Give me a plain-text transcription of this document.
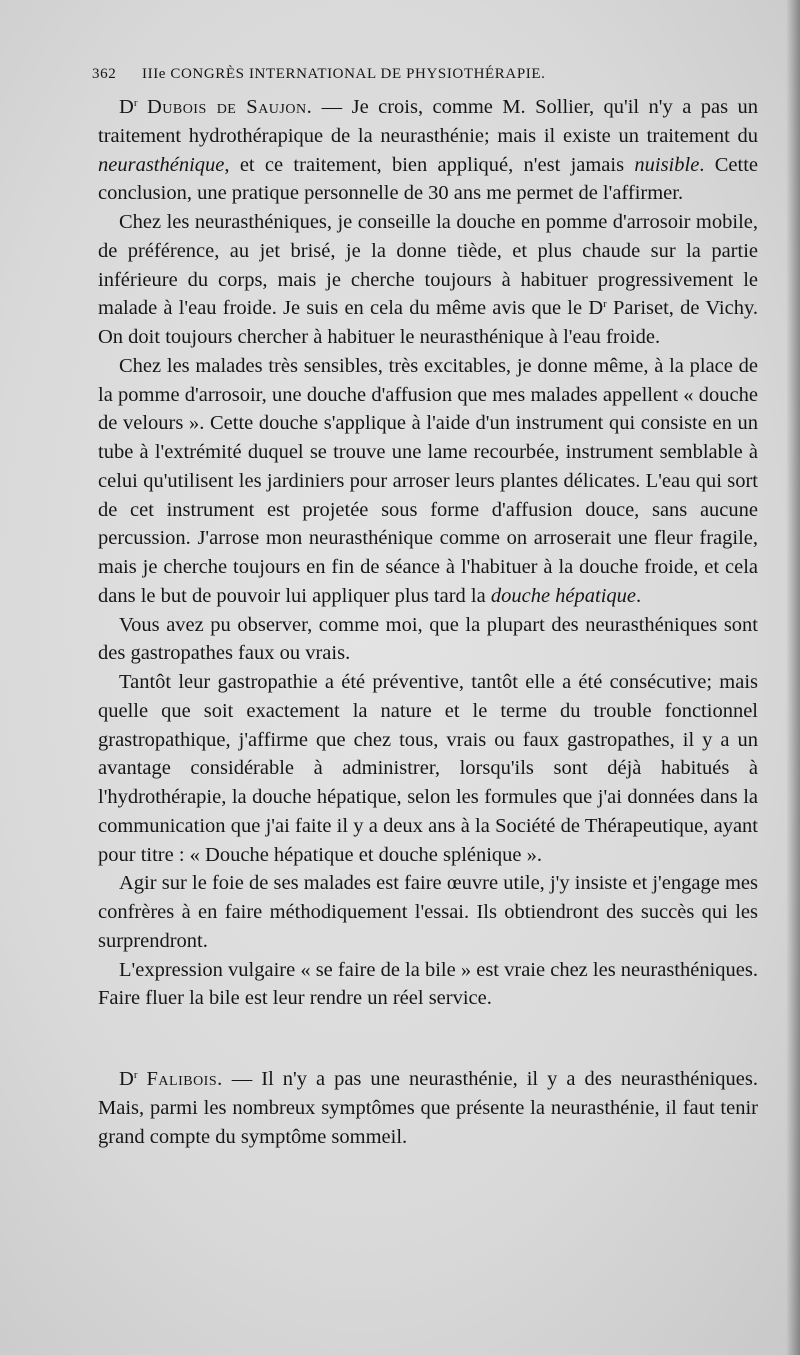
362 IIIe CONGRÈS INTERNATIONAL DE PHYSIOTHÉRAPIE.

$D^r$ Dubois de Saujon. — Je crois, comme M. Sollier, qu'il n'y a pas un traitement hydrothérapique de la neurasthénie; mais il existe un traitement du neurasthénique, et ce traitement, bien appliqué, n'est jamais nuisible. Cette conclusion, une pratique personnelle de 30 ans me permet de l'affirmer.

Chez les neurasthéniques, je conseille la douche en pomme d'arrosoir mobile, de préférence, au jet brisé, je la donne tiède, et plus chaude sur la partie inférieure du corps, mais je cherche toujours à habituer progressivement le malade à l'eau froide. Je suis en cela du même avis que le $D^r$ Pariset, de Vichy. On doit toujours chercher à habituer le neurasthénique à l'eau froide.

Chez les malades très sensibles, très excitables, je donne même, à la place de la pomme d'arrosoir, une douche d'affusion que mes malades appellent « douche de velours ». Cette douche s'applique à l'aide d'un instrument qui consiste en un tube à l'extrémité duquel se trouve une lame recourbée, instrument semblable à celui qu'utilisent les jardiniers pour arroser leurs plantes délicates. L'eau qui sort de cet instrument est projetée sous forme d'affusion douce, sans aucune percussion. J'arrose mon neurasthénique comme on arroserait une fleur fragile, mais je cherche toujours en fin de séance à l'habituer à la douche froide, et cela dans le but de pouvoir lui appliquer plus tard la douche hépatique.

Vous avez pu observer, comme moi, que la plupart des neurasthéniques sont des gastropathes faux ou vrais.

Tantôt leur gastropathie a été préventive, tantôt elle a été consécutive; mais quelle que soit exactement la nature et le terme du trouble fonctionnel grastropathique, j'affirme que chez tous, vrais ou faux gastropathes, il y a un avantage considérable à administrer, lorsqu'ils sont déjà habitués à l'hydrothérapie, la douche hépatique, selon les formules que j'ai données dans la communication que j'ai faite il y a deux ans à la Société de Thérapeutique, ayant pour titre : « Douche hépatique et douche splénique ».

Agir sur le foie de ses malades est faire œuvre utile, j'y insiste et j'engage mes confrères à en faire méthodiquement l'essai. Ils obtiendront des succès qui les surprendront.

L'expression vulgaire « se faire de la bile » est vraie chez les neurasthéniques. Faire fluer la bile est leur rendre un réel service.

$D^r$ Falibois. — Il n'y a pas une neurasthénie, il y a des neurasthéniques. Mais, parmi les nombreux symptômes que présente la neurasthénie, il faut tenir grand compte du symptôme sommeil.
